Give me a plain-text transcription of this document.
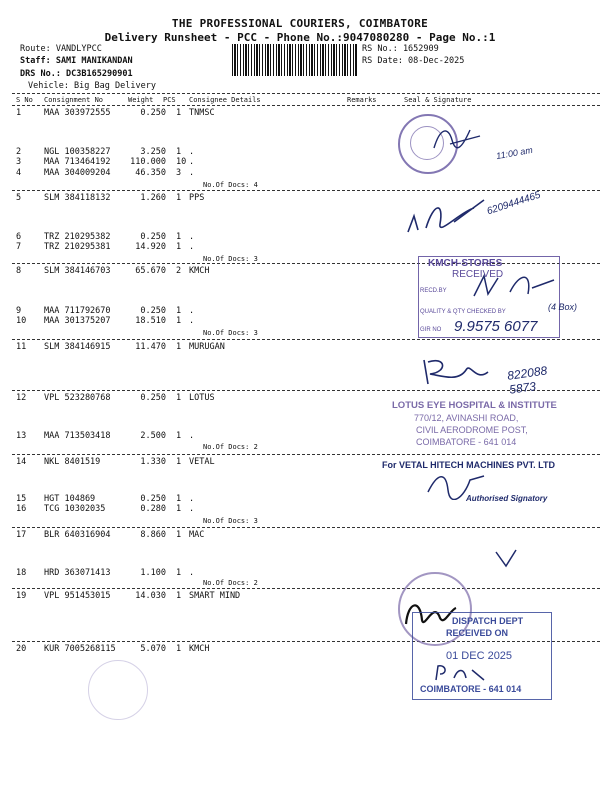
THE PROFESSIONAL COURIERS, COIMBATORE
Delivery Runsheet - PCC - Phone No.:9047080280 - Page No.:1
Route: VANDLYPCC
Staff: SAMI MANIKANDAN
DRS No.: DC3B165290901
Vehicle: Big Bag Delivery
RS No.: 1652909
RS Date: 08-Dec-2025
S No Consignment No	Weight PCS Consignee Details	Remarks	Seal & Signature
1	MAA 303972555	0.250 1 TNMSC
2	NGL 100358227	3.250 1 .
3	MAA 713464192	110.000 10 .
4	MAA 304009204	46.350 3 .
No.Of Docs: 4
5	SLM 384118132	1.260 1 PPS
6	TRZ 210295382	0.250 1 .
7	TRZ 210295381	14.920 1 .
No.Of Docs: 3
8	SLM 384146703	65.670 2 KMCH
9	MAA 711792670	0.250 1 .
10 MAA 301375207	18.510 1 .
No.Of Docs: 3
11 SLM 384146915	11.470 1 MURUGAN
12 VPL 523280768	0.250 1 LOTUS
13 MAA 713503418	2.500 1 .
No.Of Docs: 2
14 NKL 8401519	1.330 1 VETAL
15 HGT 104869	0.250 1 .
16 TCG 10302035	0.280 1 .
No.Of Docs: 3
17 BLR 640316904	8.860 1 MAC
18 HRD 363071413	1.100 1 .
No.Of Docs: 2
19 VPL 951453015	14.030 1 SMART MIND
20 KUR 7005268115	5.070 1 KMCH
11:00 am
6209444465
KMCH-STORES
RECEIVED
RECD.BY
QUALITY & QTY CHECKED BY
GIR NO 9.9575 6077
(4 Box)
822088 5873
LOTUS EYE HOSPITAL & INSTITUTE
770/12, AVINASHI ROAD,
CIVIL AERODROME POST,
COIMBATORE - 641 014
For VETAL HITECH MACHINES PVT. LTD
Authorised Signatory
DISPATCH DEPT
RECEIVED ON
01 DEC 2025
COIMBATORE - 641 014
